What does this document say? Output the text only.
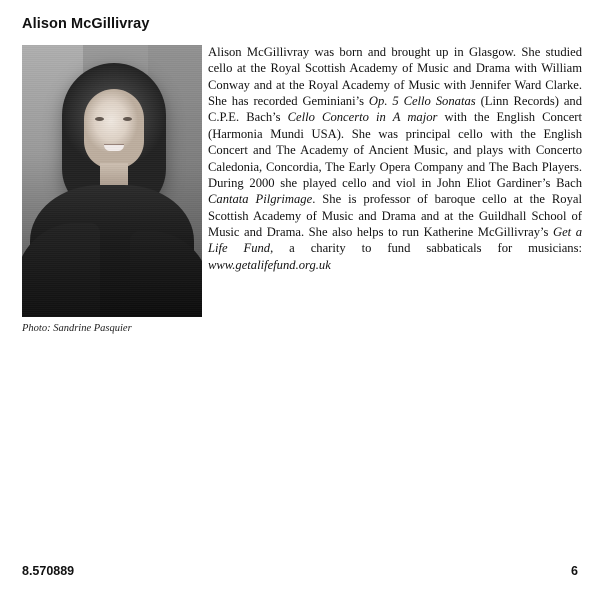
Alison McGillivray
Photo: Sandrine Pasquier
Alison McGillivray was born and brought up in Glasgow. She studied cello at the Royal Scottish Academy of Music and Drama with William Conway and at the Royal Academy of Music with Jennifer Ward Clarke. She has recorded Geminiani’s Op. 5 Cello Sonatas (Linn Records) and C.P.E. Bach’s Cello Concerto in A major with the English Concert (Harmonia Mundi USA). She was principal cello with the English Concert and The Academy of Ancient Music, and plays with Concerto Caledonia, Concordia, The Early Opera Company and The Bach Players. During 2000 she played cello and viol in John Eliot Gardiner’s Bach Cantata Pilgrimage. She is professor of baroque cello at the Royal Scottish Academy of Music and Drama and at the Guildhall School of Music and Drama. She also helps to run Katherine McGillivray’s Get a Life Fund, a charity to fund sabbaticals for musicians: www.getalifefund.org.uk
8.570889	6
